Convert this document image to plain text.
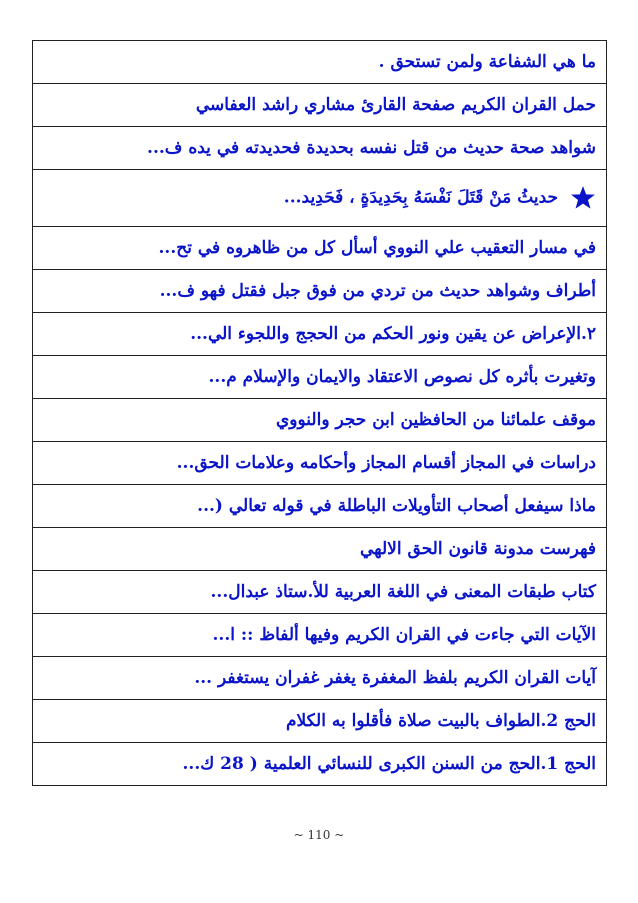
ما هي الشفاعة ولمن تستحق .
حمل القران الكريم صفحة القارئ مشاري راشد العفاسي
شواهد صحة حديث من قتل نفسه بحديدة فحديدته في يده ف...
حديثُ مَنْ قَتَلَ نَفْسَهُ بِحَدِيدَةٍ ، فَحَدِيد...
في مسار التعقيب علي النووي أسأل كل من ظاهروه في تح...
أطراف وشواهد حديث من تردي من فوق جبل فقتل فهو ف...
٢.الإعراض عن يقين ونور الحكم من الحجج واللجوء الي...
وتغيرت بأثره كل نصوص الاعتقاد والايمان والإسلام م...
موقف علمائنا من الحافظين ابن حجر والنووي
دراسات في المجاز أقسام المجاز وأحكامه وعلامات الحق...
ماذا سيفعل أصحاب التأويلات الباطلة في قوله تعالي (...
فهرست مدونة قانون الحق الالهي
كتاب طبقات المعنى في اللغة العربية للأ.ستاذ عبدال...
الآيات التي جاءت في القران الكريم وفيها ألفاظ :: ا...
آيات القران الكريم بلفظ المغفرة يغفر غفران يستغفر ...
الحج 2.الطواف بالبيت صلاة فأقلوا به الكلام
الحج 1.الحج من السنن الكبرى للنسائي العلمية ( 28 ك...
~ 110 ~
